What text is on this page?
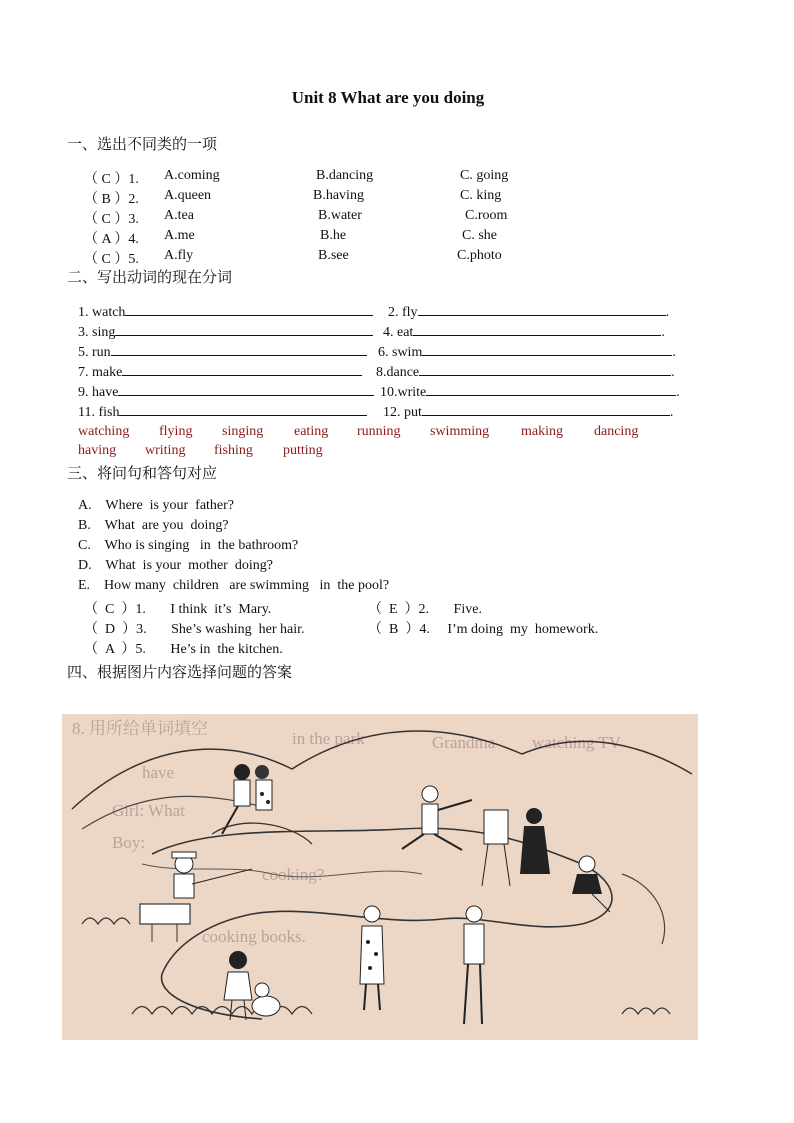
Unit 8 What are you doing
一、选出不同类的一项
二、写出动词的现在分词
三、将问句和答句对应
四、根据图片内容选择问题的答案
（ C ）1. A.coming	B.dancing	C. going
（ B ）2. A.queen	B.having	C. king
（ C ）3. A.tea	B.water	C.room
（ A ）4. A.me	B.he	C. she
（ C ）5. A.fly	B.see	C.photo
1. watch	2. fly	.
3. sing	4. eat	.
5. run	6. swim	.
7. make	8.dance	.
9. have	10.write	.
11. fish	12. put	.
watching flying singing eating running swimming making dancing
having writing fishing putting
A.    Where  is your  father?
B.    What  are you  doing?
C.    Who is singing   in  the bathroom?
D.    What  is your  mother  doing?
E.    How many  children   are swimming   in  the pool?
（  C  ）1.       I think  it’s  Mary.	（  E  ）2.       Five.
（  D  ）3.       She’s washing  her hair.	（  B  ）4.     I’m doing  my  homework.
（  A  ）5.       He’s in  the kitchen.
8. 用所给单词填空
Grandma watching TV
in the park
have
Girl: What
Boy:
cooking?
cooking books.
